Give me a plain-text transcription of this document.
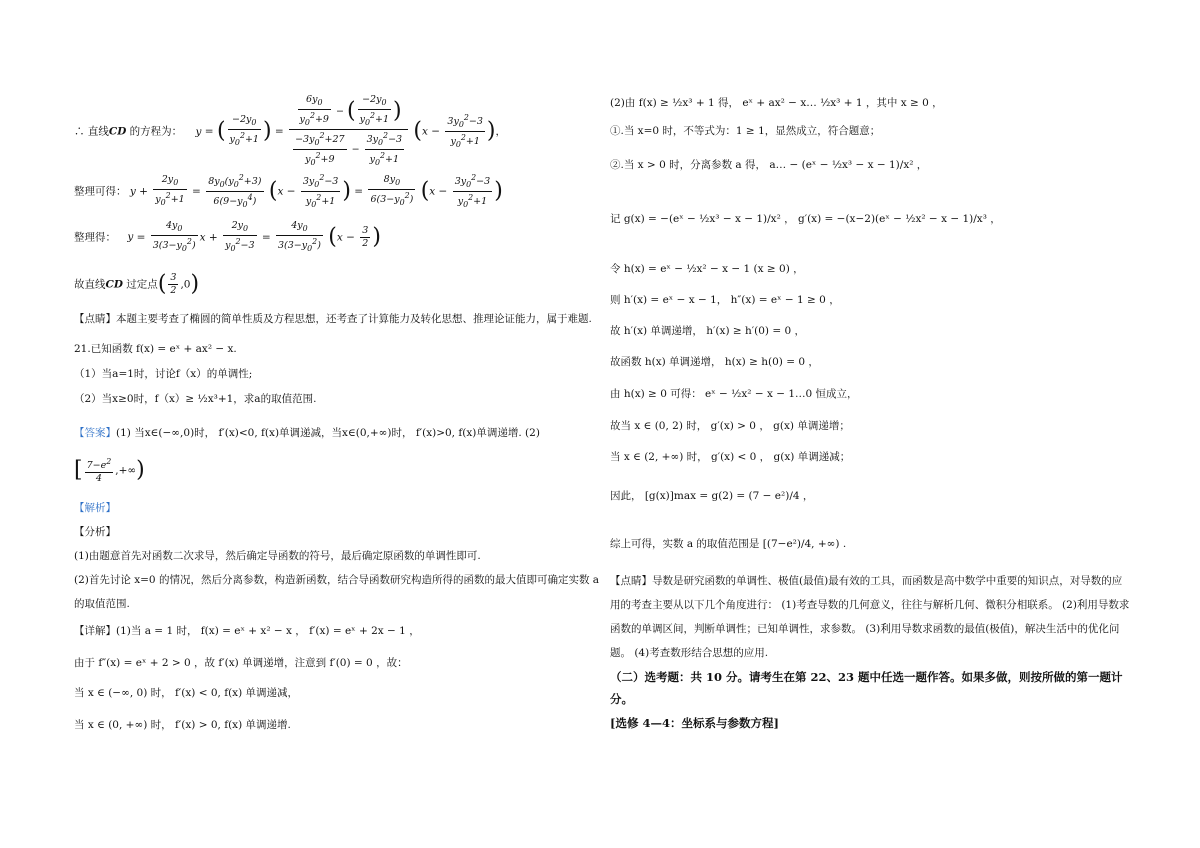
∴ 直线CD 的方程为： y = ( $\frac{-2y_0}{y_0^2+1}$ ) = $\frac{\frac{6y_0}{y_0^2+9} - ( \frac{-2y_0}{y_0^2+1} )}{\frac{-3y_0^2+27}{y_0^2+9} - \frac{3y_0^2-3}{y_0^2+1}} (x - \frac{3y_0^2-3}{y_0^2+1}$ )，
整理可得： $y + \frac{2y_0}{y_0^2+1} = \frac{8y_0(y_0^2+3)}{6(9-y_0^4)} (x - \frac{3y_0^2-3}{y_0^2+1}$ ) = $\frac{8y_0}{6(3-y_0^2)} (x - \frac{3y_0^2-3}{y_0^2+1}$ )
整理得： $y = \frac{4y_0}{3(3-y_0^2)}$ $x + \frac{2y_0}{y_0^2-3} = \frac{4y_0}{3(3-y_0^2)} (x - \frac{3}{2}$ )
故直线CD 过定点( $\frac{3}{2} ,0$)
【点睛】本题主要考查了椭圆的简单性质及方程思想，还考查了计算能力及转化思想、推理论证能力，属于难题.
21.已知函数 f(x) = eˣ + ax² − x.
（1）当a=1时，讨论f（x）的单调性;
（2）当x≥0时，f（x）≥ ½x³+1，求a的取值范围.
【答案】(1) 当x∈(−∞,0)时， f′(x)<0, f(x)单调递减，当x∈(0,+∞)时， f′(x)>0, f(x)单调递增. (2)
[ $\frac{7-e^2}{4}$ ,+∞)
【解析】
【分析】
(1)由题意首先对函数二次求导，然后确定导函数的符号，最后确定原函数的单调性即可.
(2)首先讨论 x=0 的情况，然后分离参数，构造新函数，结合导函数研究构造所得的函数的最大值即可确定实数 a
的取值范围.
【详解】(1)当 a = 1 时， f(x) = eˣ + x² − x ， f′(x) = eˣ + 2x − 1 ，
由于 f″(x) = eˣ + 2 > 0 ，故 f′(x) 单调递增，注意到 f′(0) = 0 ，故：
当 x ∈ (−∞, 0) 时， f′(x) < 0, f(x) 单调递减，
当 x ∈ (0, +∞) 时， f′(x) > 0, f(x) 单调递增.
(2)由 f(x) ≥ ½x³ + 1 得， eˣ + ax² − x… ½x³ + 1 ，其中 x ≥ 0 ，
①.当 x=0 时，不等式为：1 ≥ 1，显然成立，符合题意；
②.当 x > 0 时，分离参数 a 得， a… − (eˣ − ½x³ − x − 1)/x² ，
记 g(x) = −(eˣ − ½x³ − x − 1)/x² ， g′(x) = −(x−2)(eˣ − ½x² − x − 1)/x³ ，
令 h(x) = eˣ − ½x² − x − 1 (x ≥ 0) ，
则 h′(x) = eˣ − x − 1， h″(x) = eˣ − 1 ≥ 0 ，
故 h′(x) 单调递增， h′(x) ≥ h′(0) = 0 ，
故函数 h(x) 单调递增， h(x) ≥ h(0) = 0 ，
由 h(x) ≥ 0 可得： eˣ − ½x² − x − 1…0 恒成立，
故当 x ∈ (0, 2) 时， g′(x) > 0 ， g(x) 单调递增；
当 x ∈ (2, +∞) 时， g′(x) < 0 ， g(x) 单调递减；
因此， [g(x)]max = g(2) = (7 − e²)/4 ，
综上可得，实数 a 的取值范围是 [(7−e²)/4, +∞) .
【点睛】导数是研究函数的单调性、极值(最值)最有效的工具，而函数是高中数学中重要的知识点，对导数的应
用的考查主要从以下几个角度进行： (1)考查导数的几何意义，往往与解析几何、微积分相联系。 (2)利用导数求
函数的单调区间，判断单调性；已知单调性，求参数。 (3)利用导数求函数的最值(极值)，解决生活中的优化问
题。 (4)考查数形结合思想的应用.
（二）选考题：共 10 分。请考生在第 22、23 题中任选一题作答。如果多做，则按所做的第一题计
分。
[选修 4—4：坐标系与参数方程]
